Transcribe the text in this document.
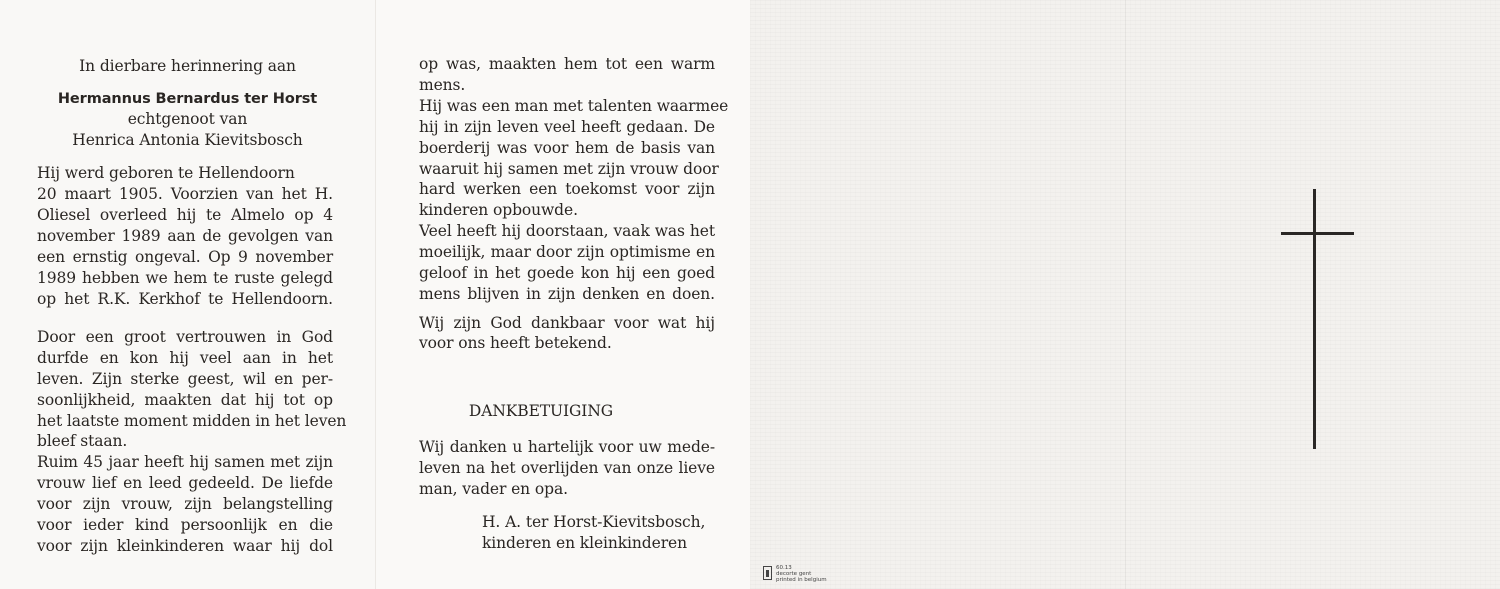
In dierbare herinnering aan
Hermannus Bernardus ter Horst
echtgenoot van
Henrica Antonia Kievitsbosch
Hij werd geboren te Hellendoorn
20 maart 1905. Voorzien van het H.
Oliesel overleed hij te Almelo op 4
november 1989 aan de gevolgen van
een ernstig ongeval. Op 9 november
1989 hebben we hem te ruste gelegd
op het R.K. Kerkhof te Hellendoorn.
Door een groot vertrouwen in God
durfde en kon hij veel aan in het
leven. Zijn sterke geest, wil en per-
soonlijkheid, maakten dat hij tot op
het laatste moment midden in het leven
bleef staan.
Ruim 45 jaar heeft hij samen met zijn
vrouw lief en leed gedeeld. De liefde
voor zijn vrouw, zijn belangstelling
voor ieder kind persoonlijk en die
voor zijn kleinkinderen waar hij dol
op was, maakten hem tot een warm
mens.
Hij was een man met talenten waarmee
hij in zijn leven veel heeft gedaan. De
boerderij was voor hem de basis van
waaruit hij samen met zijn vrouw door
hard werken een toekomst voor zijn
kinderen opbouwde.
Veel heeft hij doorstaan, vaak was het
moeilijk, maar door zijn optimisme en
geloof in het goede kon hij een goed
mens blijven in zijn denken en doen.
Wij zijn God dankbaar voor wat hij
voor ons heeft betekend.
DANKBETUIGING
Wij danken u hartelijk voor uw mede-
leven na het overlijden van onze lieve
man, vader en opa.
H. A. ter Horst-Kievitsbosch,
kinderen en kleinkinderen
60.13
decorte gent
printed in belgium
